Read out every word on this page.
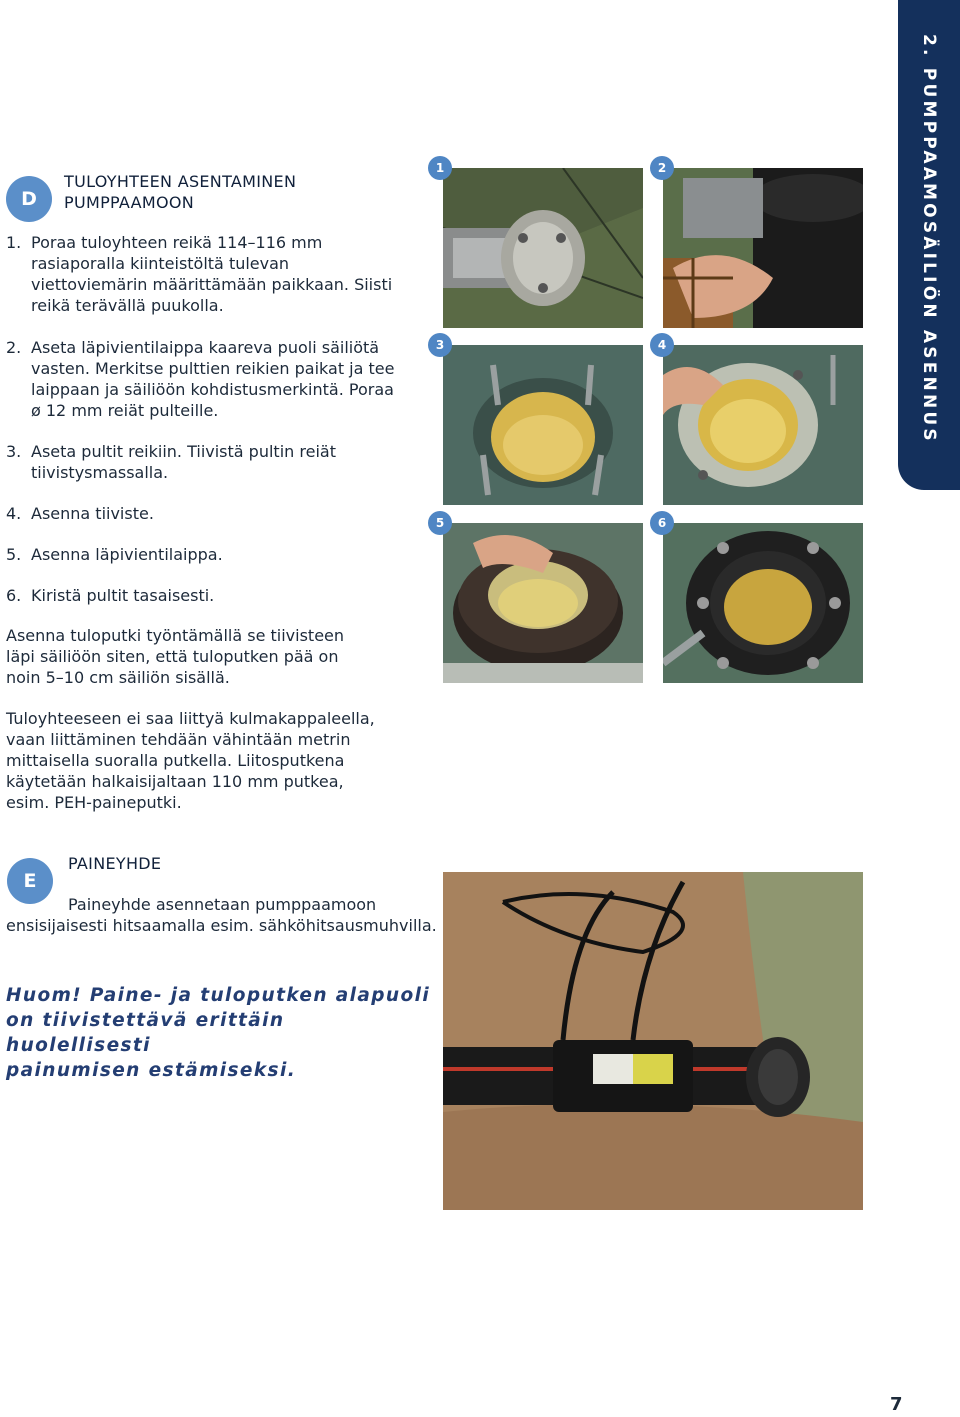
2. PUMPPAAMOSÄILIÖN ASENNUS
D
TULOYHTEEN ASENTAMINEN
PUMPPAAMOON
1. Poraa tuloyhteen reikä 114–116 mm rasiaporalla kiinteistöltä tulevan viettoviemärin määrittämään paikkaan. Siisti reikä terävällä puukolla.
2. Aseta läpivientilaippa kaareva puoli säiliötä vasten. Merkitse pulttien reikien paikat ja tee laippaan ja säiliöön kohdistusmerkintä. Poraa ø 12 mm reiät pulteille.
3. Aseta pultit reikiin. Tiivistä pultin reiät tiivistysmassalla.
4. Asenna tiiviste.
5. Asenna läpivientilaippa.
6. Kiristä pultit tasaisesti.
Asenna tuloputki työntämällä se tiivisteen läpi säiliöön siten, että tuloputken pää on noin 5–10 cm säiliön sisällä.
Tuloyhteeseen ei saa liittyä kulmakappaleella, vaan liittäminen tehdään vähintään metrin mittaisella suoralla putkella. Liitosputkena käytetään halkaisijaltaan 110 mm putkea, esim. PEH-paineputki.
1	2
3	4
5	6
E
PAINEYHDE
Paineyhde asennetaan pumppaamoon
ensisijaisesti hitsaamalla esim. sähköhitsausmuhvilla.
Huom! Paine- ja tuloputken alapuoli
on tiivistettävä erittäin huolellisesti
painumisen estämiseksi.
7
